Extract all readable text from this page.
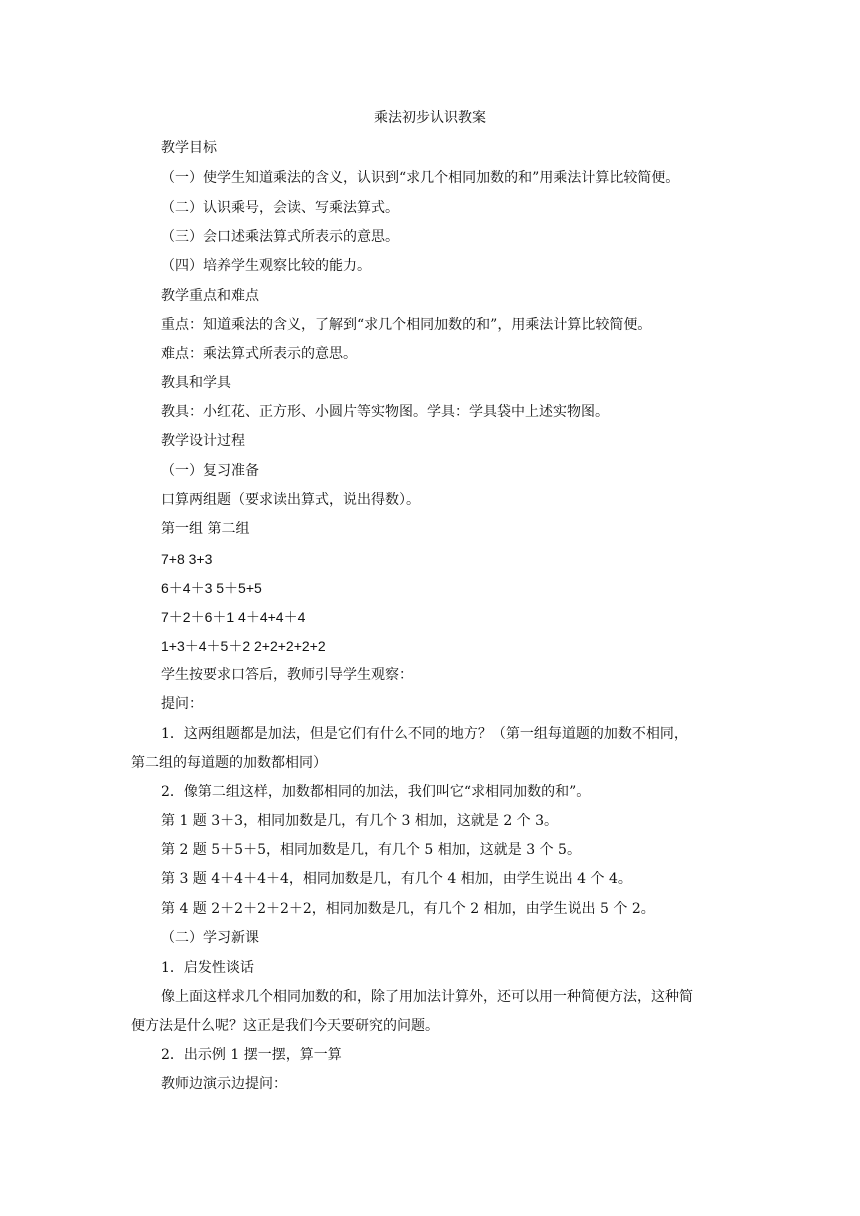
乘法初步认识教案
教学目标
（一）使学生知道乘法的含义，认识到“求几个相同加数的和”用乘法计算比较简便。
（二）认识乘号，会读、写乘法算式。
（三）会口述乘法算式所表示的意思。
（四）培养学生观察比较的能力。
教学重点和难点
重点：知道乘法的含义，了解到“求几个相同加数的和”，用乘法计算比较简便。
难点：乘法算式所表示的意思。
教具和学具
教具：小红花、正方形、小圆片等实物图。学具：学具袋中上述实物图。
教学设计过程
（一）复习准备
口算两组题（要求读出算式，说出得数）。
第一组 第二组
7+8 3+3
6＋4＋3 5＋5+5
7＋2＋6＋1 4＋4+4＋4
1+3＋4＋5＋2 2+2+2+2+2
学生按要求口答后，教师引导学生观察：
提问：
1．这两组题都是加法，但是它们有什么不同的地方？（第一组每道题的加数不相同，
第二组的每道题的加数都相同）
2．像第二组这样，加数都相同的加法，我们叫它“求相同加数的和”。
第 1 题 3＋3，相同加数是几，有几个 3 相加，这就是 2 个 3。
第 2 题 5＋5＋5，相同加数是几，有几个 5 相加，这就是 3 个 5。
第 3 题 4＋4＋4＋4，相同加数是几，有几个 4 相加，由学生说出 4 个 4。
第 4 题 2＋2＋2＋2＋2，相同加数是几，有几个 2 相加，由学生说出 5 个 2。
（二）学习新课
1．启发性谈话
像上面这样求几个相同加数的和，除了用加法计算外，还可以用一种简便方法，这种简
便方法是什么呢？这正是我们今天要研究的问题。
2．出示例 1 摆一摆，算一算
教师边演示边提问：
